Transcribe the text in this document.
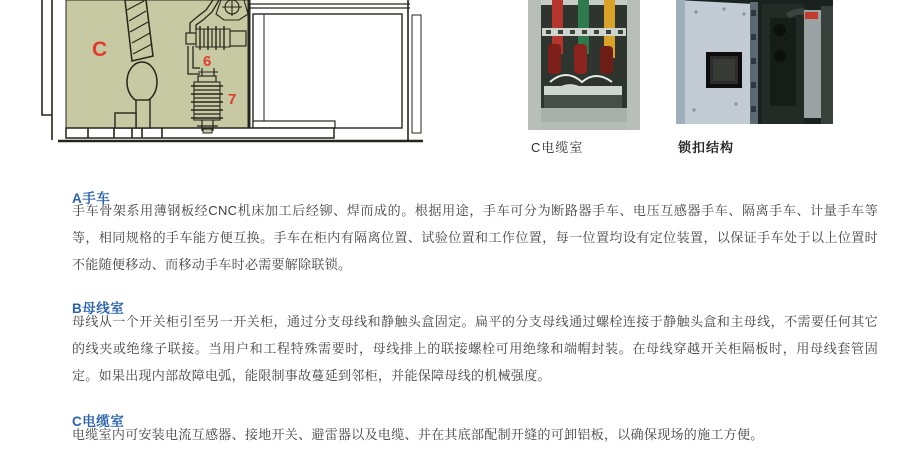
C
6
7
C电缆室	锁扣结构
A手车

手车骨架系用薄钢板经CNC机床加工后经铆、焊而成的。根据用途，手车可分为断路器手车、电压互感器手车、隔离手车、计量手车等等，相同规格的手车能方便互换。手车在柜内有隔离位置、试验位置和工作位置，每一位置均设有定位装置，以保证手车处于以上位置时不能随便移动、而移动手车时必需要解除联锁。

B母线室

母线从一个开关柜引至另一开关柜，通过分支母线和静触头盒固定。扁平的分支母线通过螺栓连接于静触头盒和主母线，不需要任何其它的线夹或绝缘子联接。当用户和工程特殊需要时，母线排上的联接螺栓可用绝缘和端帽封装。在母线穿越开关柜隔板时，用母线套管固定。如果出现内部故障电弧，能限制事故蔓延到邻柜，并能保障母线的机械强度。

C电缆室

电缆室内可安装电流互感器、接地开关、避雷器以及电缆、并在其底部配制开缝的可卸铝板，以确保现场的施工方便。
